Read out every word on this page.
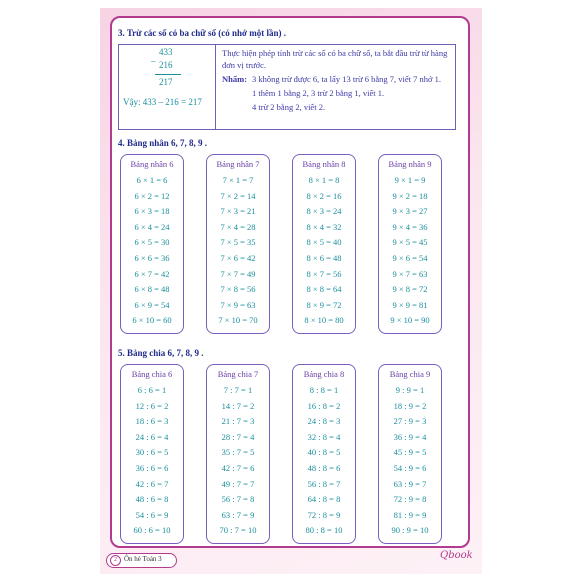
3. Trừ các số có ba chữ số (có nhớ một lần) .
433
_
216
217
Vậy: 433 – 216 = 217
Thực hiện phép tính trừ các số có ba chữ số, ta bắt đầu trừ từ hàng
đơn vị trước.
Nhẩm: 3 không trừ được 6, ta lấy 13 trừ 6 bằng 7, viết 7 nhớ 1.
1 thêm 1 bằng 2, 3 trừ 2 bằng 1, viết 1.
4 trừ 2 bằng 2, viết 2.
4. Bảng nhân 6, 7, 8, 9 .
Bảng nhân 6
6 × 1 = 6
6 × 2 = 12
6 × 3 = 18
6 × 4 = 24
6 × 5 = 30
6 × 6 = 36
6 × 7 = 42
6 × 8 = 48
6 × 9 = 54
6 × 10 = 60
Bảng nhân 7
7 × 1 = 7
7 × 2 = 14
7 × 3 = 21
7 × 4 = 28
7 × 5 = 35
7 × 6 = 42
7 × 7 = 49
7 × 8 = 56
7 × 9 = 63
7 × 10 = 70
Bảng nhân 8
8 × 1 = 8
8 × 2 = 16
8 × 3 = 24
8 × 4 = 32
8 × 5 = 40
8 × 6 = 48
8 × 7 = 56
8 × 8 = 64
8 × 9 = 72
8 × 10 = 80
Bảng nhân 9
9 × 1 = 9
9 × 2 = 18
9 × 3 = 27
9 × 4 = 36
9 × 5 = 45
9 × 6 = 54
9 × 7 = 63
9 × 8 = 72
9 × 9 = 81
9 × 10 = 90
5. Bảng chia 6, 7, 8, 9 .
Bảng chia 6
6 : 6 = 1
12 : 6 = 2
18 : 6 = 3
24 : 6 = 4
30 : 6 = 5
36 : 6 = 6
42 : 6 = 7
48 : 6 = 8
54 : 6 = 9
60 : 6 = 10
Bảng chia 7
7 : 7 = 1
14 : 7 = 2
21 : 7 = 3
28 : 7 = 4
35 : 7 = 5
42 : 7 = 6
49 : 7 = 7
56 : 7 = 8
63 : 7 = 9
70 : 7 = 10
Bảng chia 8
8 : 8 = 1
16 : 8 = 2
24 : 8 = 3
32 : 8 = 4
40 : 8 = 5
48 : 8 = 6
56 : 8 = 7
64 : 8 = 8
72 : 8 = 9
80 : 8 = 10
Bảng chia 9
9 : 9 = 1
18 : 9 = 2
27 : 9 = 3
36 : 9 = 4
45 : 9 = 5
54 : 9 = 6
63 : 9 = 7
72 : 9 = 8
81 : 9 = 9
90 : 9 = 10
2 Ôn hè Toán 3	Qbook
